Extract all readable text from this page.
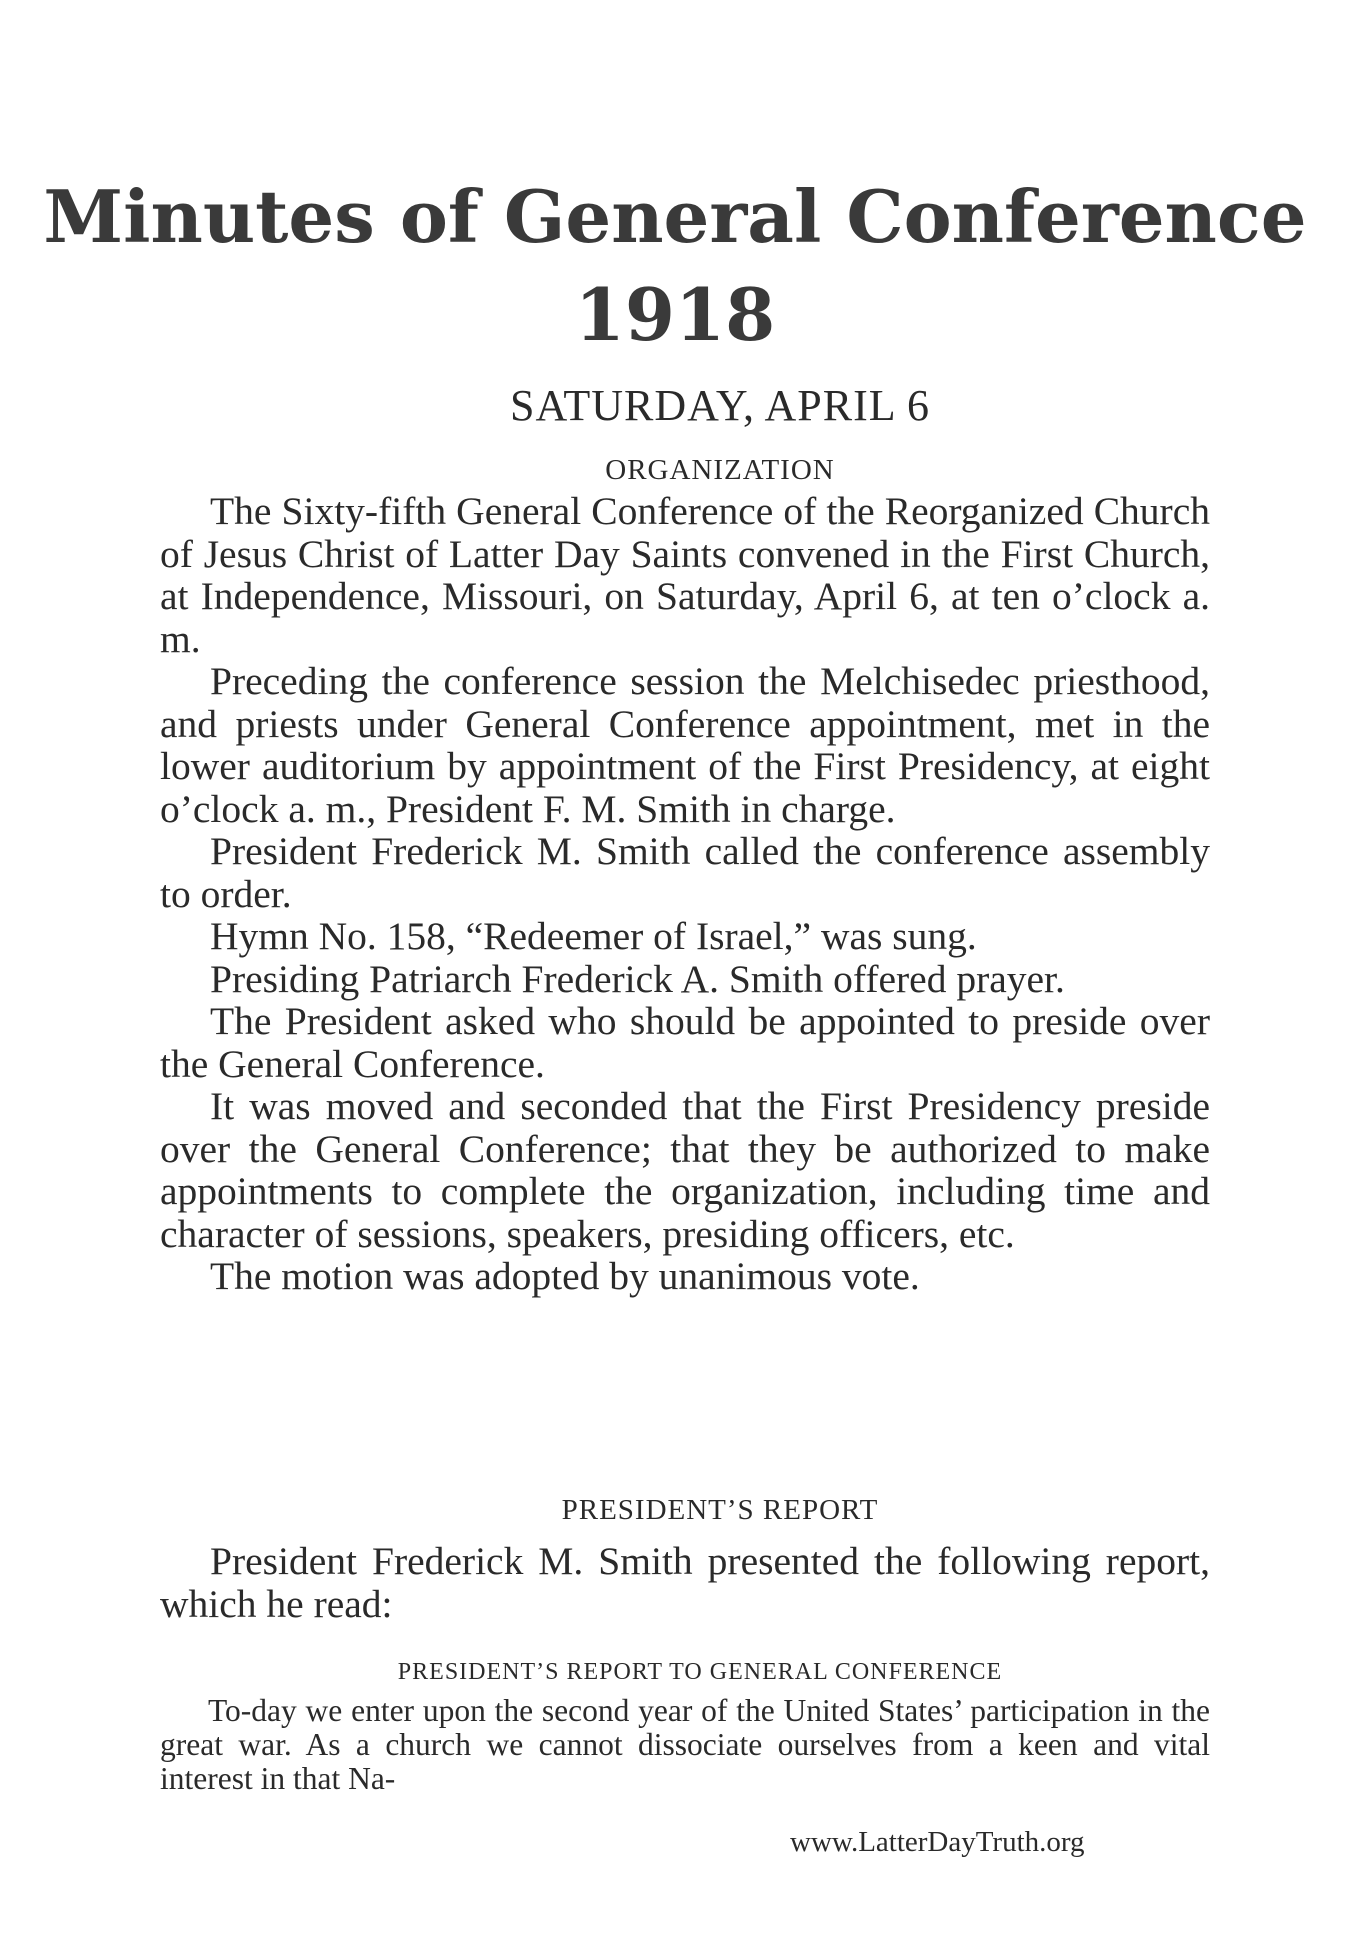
Minutes of General Conference
1918
SATURDAY, APRIL 6
ORGANIZATION

The Sixty-fifth General Conference of the Reorganized Church of Jesus Christ of Latter Day Saints convened in the First Church, at Independence, Missouri, on Saturday, April 6, at ten o’clock a. m.

Preceding the conference session the Melchisedec priesthood, and priests under General Conference appointment, met in the lower auditorium by appointment of the First Presidency, at eight o’clock a. m., President F. M. Smith in charge.

President Frederick M. Smith called the conference assembly to order.

Hymn No. 158, “Redeemer of Israel,” was sung.

Presiding Patriarch Frederick A. Smith offered prayer.

The President asked who should be appointed to preside over the General Conference.

It was moved and seconded that the First Presidency preside over the General Conference; that they be authorized to make appointments to complete the organization, including time and character of sessions, speakers, presiding officers, etc.

The motion was adopted by unanimous vote.

PRESIDENT’S REPORT

President Frederick M. Smith presented the following report, which he read:

PRESIDENT’S REPORT TO GENERAL CONFERENCE

To-day we enter upon the second year of the United States’ participation in the great war. As a church we cannot dissociate ourselves from a keen and vital interest in that Na-

www.LatterDayTruth.org
